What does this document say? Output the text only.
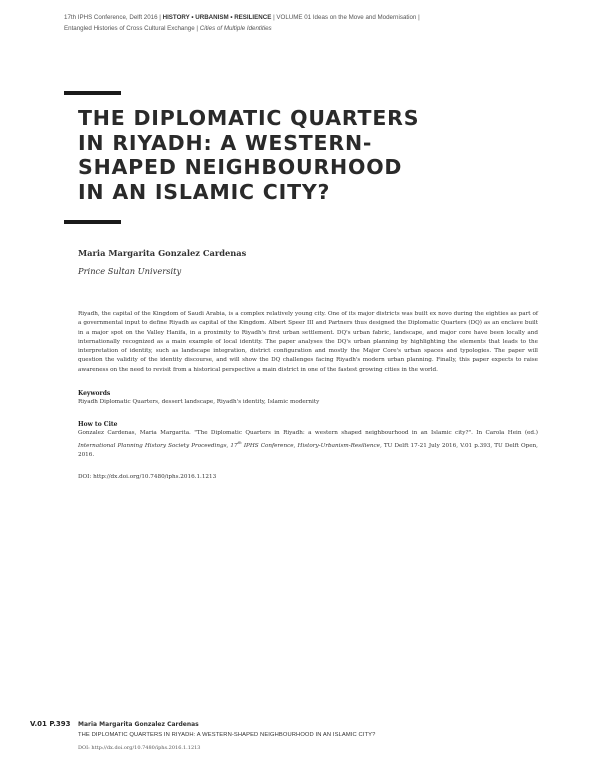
17th IPHS Conference, Delft 2016 | HISTORY • URBANISM • RESILIENCE | VOLUME 01 Ideas on the Move and Modernisation |
Entangled Histories of Cross Cultural Exchange | Cities of Multiple Identities
THE DIPLOMATIC QUARTERS
IN RIYADH: A WESTERN-
SHAPED NEIGHBOURHOOD
IN AN ISLAMIC CITY?
Maria Margarita Gonzalez Cardenas
Prince Sultan University
Riyadh, the capital of the Kingdom of Saudi Arabia, is a complex relatively young city. One of its major districts was built ex novo during the eighties as part of a governmental input to define Riyadh as capital of the Kingdom. Albert Speer III and Partners thus designed the Diplomatic Quarters (DQ) as an enclave built in a major spot on the Valley Hanifa, in a proximity to Riyadh's first urban settlement. DQ's urban fabric, landscape, and major core have been locally and internationally recognized as a main example of local identity. The paper analyses the DQ's urban planning by highlighting the elements that leads to the interpretation of identity, such as landscape integration, district configuration and mostly the Major Core's urban spaces and typologies. The paper will question the validity of the identity discourse, and will show the DQ challenges facing Riyadh's modern urban planning. Finally, this paper expects to raise awareness on the need to revisit from a historical perspective a main district in one of the fastest growing cities in the world.
Keywords
Riyadh Diplomatic Quarters, dessert landscape, Riyadh's identity, Islamic modernity
How to Cite
Gonzalez Cardenas, Maria Margarita. "The Diplomatic Quarters in Riyadh: a western shaped neighbourhood in an Islamic city?". In Carola Hein (ed.) International Planning History Society Proceedings, 17th IPHS Conference, History-Urbanism-Resilience, TU Delft 17-21 July 2016, V.01 p.393, TU Delft Open, 2016.
DOI: http://dx.doi.org/10.7480/iphs.2016.1.1213
V.01 P.393 Maria Margarita Gonzalez Cardenas
THE DIPLOMATIC QUARTERS IN RIYADH: A WESTERN-SHAPED NEIGHBOURHOOD IN AN ISLAMIC CITY?
DOI: http://dx.doi.org/10.7480/iphs.2016.1.1213
